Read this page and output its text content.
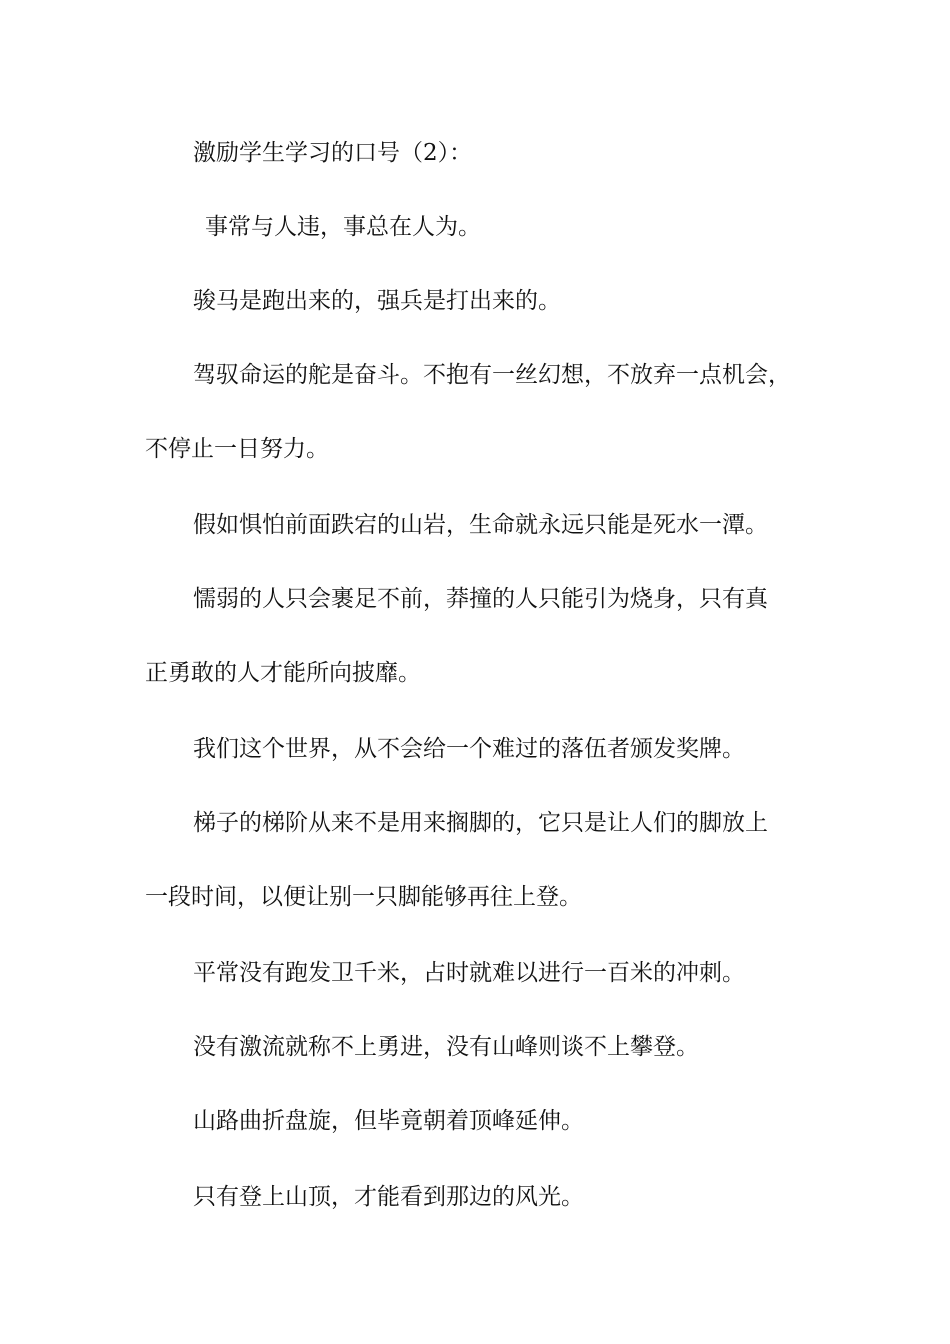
激励学生学习的口号（2）：
事常与人违，事总在人为。
骏马是跑出来的，强兵是打出来的。
驾驭命运的舵是奋斗。不抱有一丝幻想，不放弃一点机会，
不停止一日努力。
假如惧怕前面跌宕的山岩，生命就永远只能是死水一潭。
懦弱的人只会裹足不前，莽撞的人只能引为烧身，只有真
正勇敢的人才能所向披靡。
我们这个世界，从不会给一个难过的落伍者颁发奖牌。
梯子的梯阶从来不是用来搁脚的，它只是让人们的脚放上
一段时间，以便让别一只脚能够再往上登。
平常没有跑发卫千米，占时就难以进行一百米的冲刺。
没有激流就称不上勇进，没有山峰则谈不上攀登。
山路曲折盘旋，但毕竟朝着顶峰延伸。
只有登上山顶，才能看到那边的风光。
